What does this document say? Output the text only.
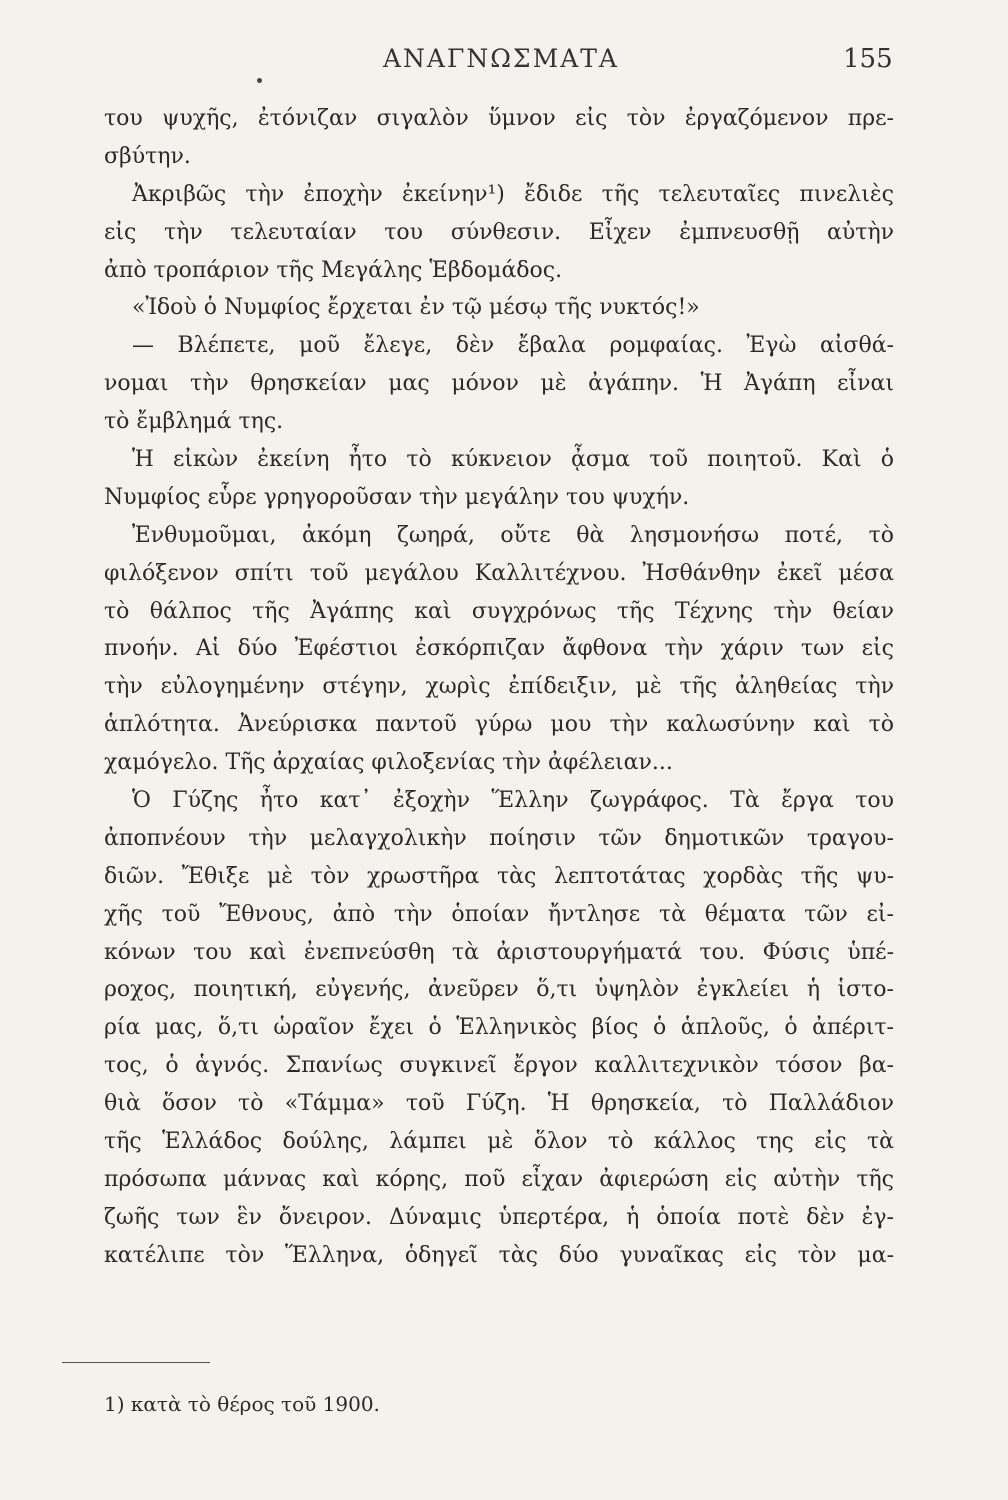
ΑΝΑΓΝΩΣΜΑΤΑ	155
του ψυχῆς, ἐτόνιζαν σιγαλὸν ὕμνον εἰς τὸν ἐργαζόμενον πρε-
σβύτην.
Ἀκριβῶς τὴν ἐποχὴν ἐκείνην¹) ἔδιδε τῆς τελευταῖες πινελιὲς
εἰς τὴν τελευταίαν του σύνθεσιν. Εἶχεν ἐμπνευσθῇ αὐτὴν
ἀπὸ τροπάριον τῆς Μεγάλης Ἑβδομάδος.
«Ἰδοὺ ὁ Νυμφίος ἔρχεται ἐν τῷ μέσῳ τῆς νυκτός!»
— Βλέπετε, μοῦ ἔλεγε, δὲν ἔβαλα ρομφαίας. Ἐγὼ αἰσθά-
νομαι τὴν θρησκείαν μας μόνον μὲ ἀγάπην. Ἡ Ἀγάπη εἶναι
τὸ ἔμβλημά της.
Ἡ εἰκὼν ἐκείνη ἦτο τὸ κύκνειον ᾆσμα τοῦ ποιητοῦ. Καὶ ὁ
Νυμφίος εὗρε γρηγοροῦσαν τὴν μεγάλην του ψυχήν.
Ἐνθυμοῦμαι, ἀκόμη ζωηρά, οὔτε θὰ λησμονήσω ποτέ, τὸ
φιλόξενον σπίτι τοῦ μεγάλου Καλλιτέχνου. Ἠσθάνθην ἐκεῖ μέσα
τὸ θάλπος τῆς Ἀγάπης καὶ συγχρόνως τῆς Τέχνης τὴν θείαν
πνοήν. Αἱ δύο Ἐφέστιοι ἐσκόρπιζαν ἄφθονα τὴν χάριν των εἰς
τὴν εὐλογημένην στέγην, χωρὶς ἐπίδειξιν, μὲ τῆς ἀληθείας τὴν
ἁπλότητα. Ἀνεύρισκα παντοῦ γύρω μου τὴν καλωσύνην καὶ τὸ
χαμόγελο. Τῆς ἀρχαίας φιλοξενίας τὴν ἀφέλειαν...
Ὁ Γύζης ἦτο κατ᾿ ἐξοχὴν Ἕλλην ζωγράφος. Τὰ ἔργα του
ἀποπνέουν τὴν μελαγχολικὴν ποίησιν τῶν δημοτικῶν τραγου-
διῶν. Ἔθιξε μὲ τὸν χρωστῆρα τὰς λεπτοτάτας χορδὰς τῆς ψυ-
χῆς τοῦ Ἔθνους, ἀπὸ τὴν ὁποίαν ἤντλησε τὰ θέματα τῶν εἰ-
κόνων του καὶ ἐνεπνεύσθη τὰ ἀριστουργήματά του. Φύσις ὑπέ-
ροχος, ποιητική, εὐγενής, ἀνεῦρεν ὅ,τι ὑψηλὸν ἐγκλείει ἡ ἱστο-
ρία μας, ὅ,τι ὡραῖον ἔχει ὁ Ἑλληνικὸς βίος ὁ ἁπλοῦς, ὁ ἀπέριτ-
τος, ὁ ἁγνός. Σπανίως συγκινεῖ ἔργον καλλιτεχνικὸν τόσον βα-
θιὰ ὅσον τὸ «Τάμμα» τοῦ Γύζη. Ἡ θρησκεία, τὸ Παλλάδιον
τῆς Ἑλλάδος δούλης, λάμπει μὲ ὅλον τὸ κάλλος της εἰς τὰ
πρόσωπα μάννας καὶ κόρης, ποῦ εἶχαν ἀφιερώση εἰς αὐτὴν τῆς
ζωῆς των ἓν ὄνειρον. Δύναμις ὑπερτέρα, ἡ ὁποία ποτὲ δὲν ἐγ-
κατέλιπε τὸν Ἕλληνα, ὁδηγεῖ τὰς δύο γυναῖκας εἰς τὸν μα-
1) κατὰ τὸ θέρος τοῦ 1900.
